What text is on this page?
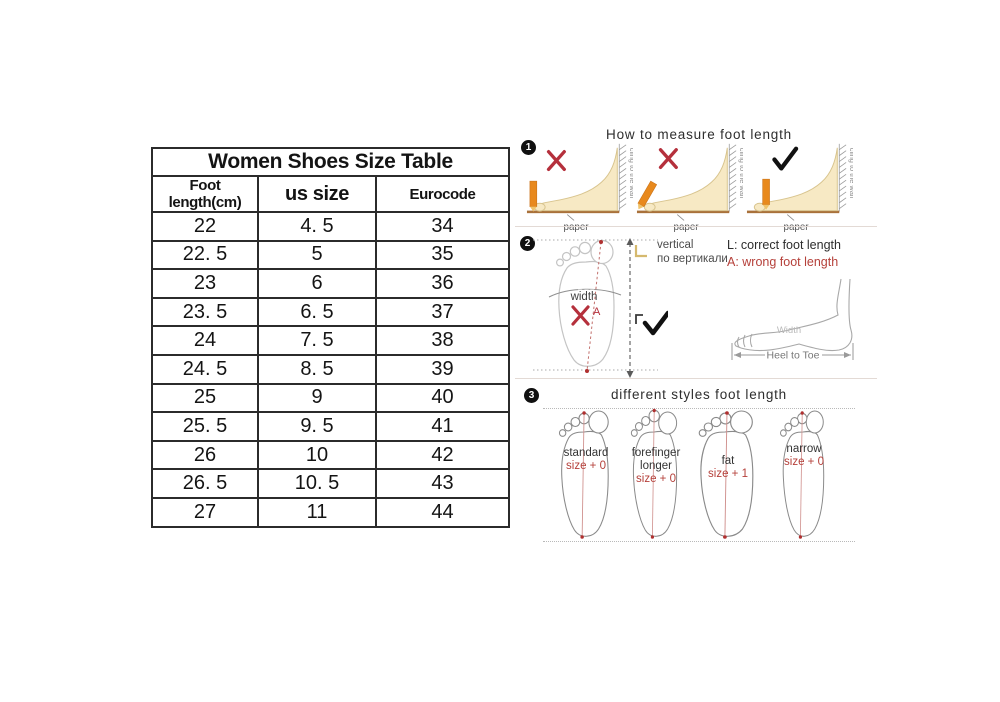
Women Shoes Size Table		
Foot length(cm)	us size	Eurocode
22	4. 5	34
22. 5	5	35
23	6	36
23. 5	6. 5	37
24	7. 5	38
24. 5	8. 5	39
25	9	40
25. 5	9. 5	41
26	10	42
26. 5	10. 5	43
27	11	44
How to measure foot length
1
2
width
A
vertical
по вертикали
L: correct foot length
A: wrong foot length
Width
Heel to Toe
3	different styles foot length
standard
size + 0
forefinger longer
size + 0
fat
size + 1
narrow
size + 0
